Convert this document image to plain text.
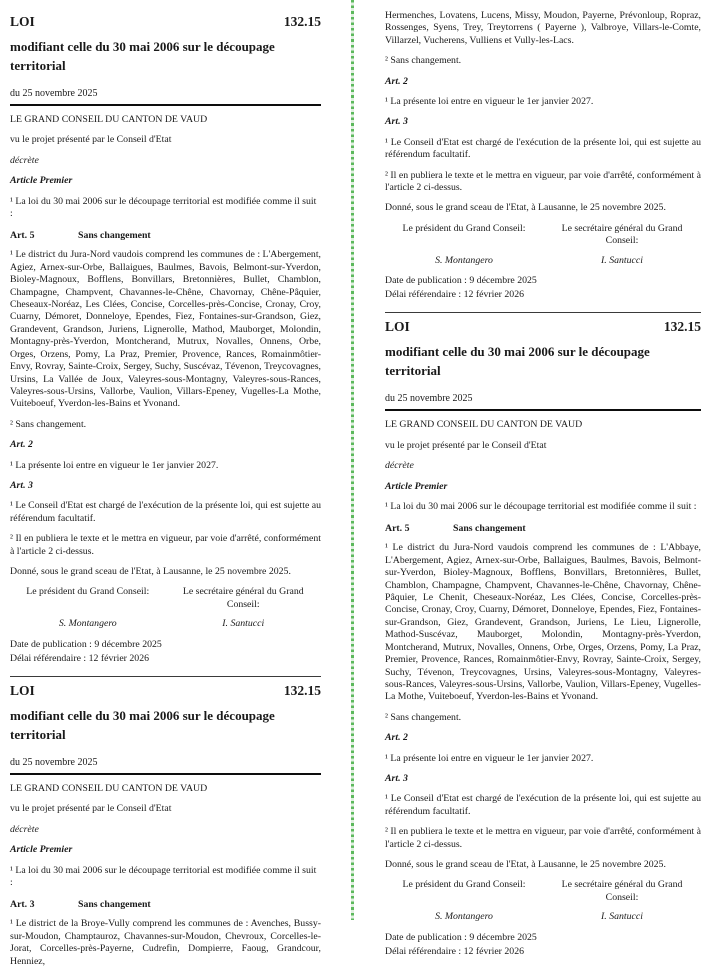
LOI	132.15
modifiant celle du 30 mai 2006 sur le découpage territorial
du 25 novembre 2025

LE GRAND CONSEIL DU CANTON DE VAUD

vu le projet présenté par le Conseil d'Etat

décrète

Article Premier

¹ La loi du 30 mai 2006 sur le découpage territorial est modifiée comme il suit :

Art. 5	Sans changement

¹ Le district du Jura-Nord vaudois comprend les communes de : L'Abergement, Agiez, Arnex-sur-Orbe, Ballaigues, Baulmes, Bavois, Belmont-sur-Yverdon, Bioley-Magnoux, Bofflens, Bonvillars, Bretonnières, Bullet, Chamblon, Champagne, Champvent, Chavannes-le-Chêne, Chavornay, Chêne-Pâquier, Cheseaux-Noréaz, Les Clées, Concise, Corcelles-près-Concise, Cronay, Croy, Cuarny, Démoret, Donneloye, Ependes, Fiez, Fontaines-sur-Grandson, Giez, Grandevent, Grandson, Juriens, Lignerolle, Mathod, Mauborget, Molondin, Montagny-près-Yverdon, Montcherand, Mutrux, Novalles, Onnens, Orbe, Orges, Orzens, Pomy, La Praz, Premier, Provence, Rances, Romainmôtier-Envy, Rovray, Sainte-Croix, Sergey, Suchy, Suscévaz, Tévenon, Treycovagnes, Ursins, La Vallée de Joux, Valeyres-sous-Montagny, Valeyres-sous-Rances, Valeyres-sous-Ursins, Vallorbe, Vaulion, Villars-Epeney, Vugelles-La Mothe, Vuiteboeuf, Yverdon-les-Bains et Yvonand.

² Sans changement.

Art. 2

¹ La présente loi entre en vigueur le 1er janvier 2027.

Art. 3

¹ Le Conseil d'Etat est chargé de l'exécution de la présente loi, qui est sujette au référendum facultatif.

² Il en publiera le texte et le mettra en vigueur, par voie d'arrêté, conformément à l'article 2 ci-dessus.

Donné, sous le grand sceau de l'Etat, à Lausanne, le 25 novembre 2025.

Le président du Grand Conseil:	Le secrétaire général du Grand Conseil:
S. Montangero	I. Santucci

Date de publication : 9 décembre 2025

Délai référendaire : 12 février 2026

LOI	132.15
modifiant celle du 30 mai 2006 sur le découpage territorial
du 25 novembre 2025

LE GRAND CONSEIL DU CANTON DE VAUD

vu le projet présenté par le Conseil d'Etat

décrète

Article Premier

¹ La loi du 30 mai 2006 sur le découpage territorial est modifiée comme il suit :

Art. 3	Sans changement

¹ Le district de la Broye-Vully comprend les communes de : Avenches, Bussy-sur-Moudon, Champtauroz, Chavannes-sur-Moudon, Chevroux, Corcelles-le-Jorat, Corcelles-près-Payerne, Cudrefin, Dompierre, Faoug, Grandcour, Henniez,

Hermenches, Lovatens, Lucens, Missy, Moudon, Payerne, Prévonloup, Ropraz, Rossenges, Syens, Trey, Treytorrens ( Payerne ), Valbroye, Villars-le-Comte, Villarzel, Vucherens, Vulliens et Vully-les-Lacs.

² Sans changement.

Art. 2

¹ La présente loi entre en vigueur le 1er janvier 2027.

Art. 3

¹ Le Conseil d'Etat est chargé de l'exécution de la présente loi, qui est sujette au référendum facultatif.

² Il en publiera le texte et le mettra en vigueur, par voie d'arrêté, conformément à l'article 2 ci-dessus.

Donné, sous le grand sceau de l'Etat, à Lausanne, le 25 novembre 2025.

Le président du Grand Conseil:	Le secrétaire général du Grand Conseil:
S. Montangero	I. Santucci

Date de publication : 9 décembre 2025

Délai référendaire : 12 février 2026

LOI	132.15
modifiant celle du 30 mai 2006 sur le découpage territorial
du 25 novembre 2025

LE GRAND CONSEIL DU CANTON DE VAUD

vu le projet présenté par le Conseil d'Etat

décrète

Article Premier

¹ La loi du 30 mai 2006 sur le découpage territorial est modifiée comme il suit :

Art. 5	Sans changement

¹ Le district du Jura-Nord vaudois comprend les communes de : L'Abbaye, L'Abergement, Agiez, Arnex-sur-Orbe, Ballaigues, Baulmes, Bavois, Belmont-sur-Yverdon, Bioley-Magnoux, Bofflens, Bonvillars, Bretonnières, Bullet, Chamblon, Champagne, Champvent, Chavannes-le-Chêne, Chavornay, Chêne-Pâquier, Le Chenit, Cheseaux-Noréaz, Les Clées, Concise, Corcelles-près-Concise, Cronay, Croy, Cuarny, Démoret, Donneloye, Ependes, Fiez, Fontaines-sur-Grandson, Giez, Grandevent, Grandson, Juriens, Le Lieu, Lignerolle, Mathod-Suscévaz, Mauborget, Molondin, Montagny-près-Yverdon, Montcherand, Mutrux, Novalles, Onnens, Orbe, Orges, Orzens, Pomy, La Praz, Premier, Provence, Rances, Romainmôtier-Envy, Rovray, Sainte-Croix, Sergey, Suchy, Tévenon, Treycovagnes, Ursins, Valeyres-sous-Montagny, Valeyres-sous-Rances, Valeyres-sous-Ursins, Vallorbe, Vaulion, Villars-Epeney, Vugelles-La Mothe, Vuiteboeuf, Yverdon-les-Bains et Yvonand.

² Sans changement.

Art. 2

¹ La présente loi entre en vigueur le 1er janvier 2027.

Art. 3

¹ Le Conseil d'Etat est chargé de l'exécution de la présente loi, qui est sujette au référendum facultatif.

² Il en publiera le texte et le mettra en vigueur, par voie d'arrêté, conformément à l'article 2 ci-dessus.

Donné, sous le grand sceau de l'Etat, à Lausanne, le 25 novembre 2025.

Le président du Grand Conseil:	Le secrétaire général du Grand Conseil:
S. Montangero	I. Santucci

Date de publication : 9 décembre 2025

Délai référendaire : 12 février 2026
